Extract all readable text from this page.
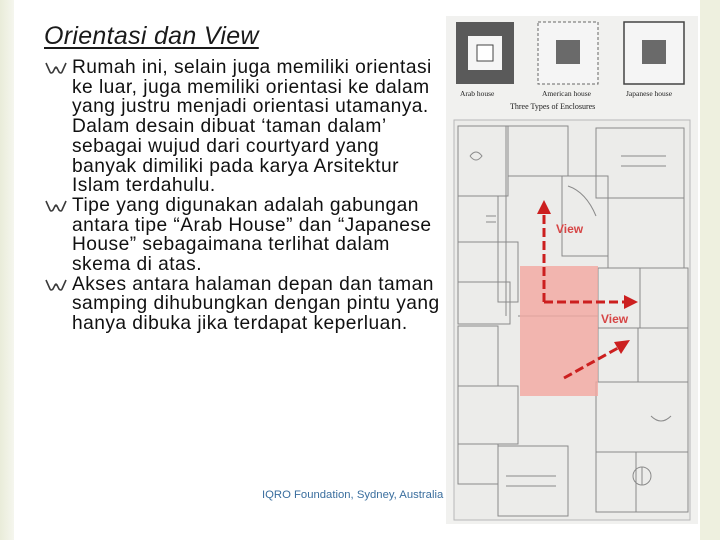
Orientasi dan View
Rumah ini, selain juga memiliki orientasi ke luar, juga memiliki orientasi ke dalam yang justru menjadi orientasi utamanya. Dalam desain dibuat ‘taman dalam’ sebagai wujud dari courtyard yang banyak dimiliki pada karya Arsitektur Islam terdahulu.
Tipe yang digunakan adalah gabungan antara tipe “Arab House” dan “Japanese House” sebagaimana terlihat dalam skema di atas.
Akses antara halaman depan dan taman samping dihubungkan dengan pintu yang hanya dibuka jika terdapat keperluan.
IQRO Foundation, Sydney, Australia
Arab house	American house	Japanese house
Three Types of Enclosures
View
View
